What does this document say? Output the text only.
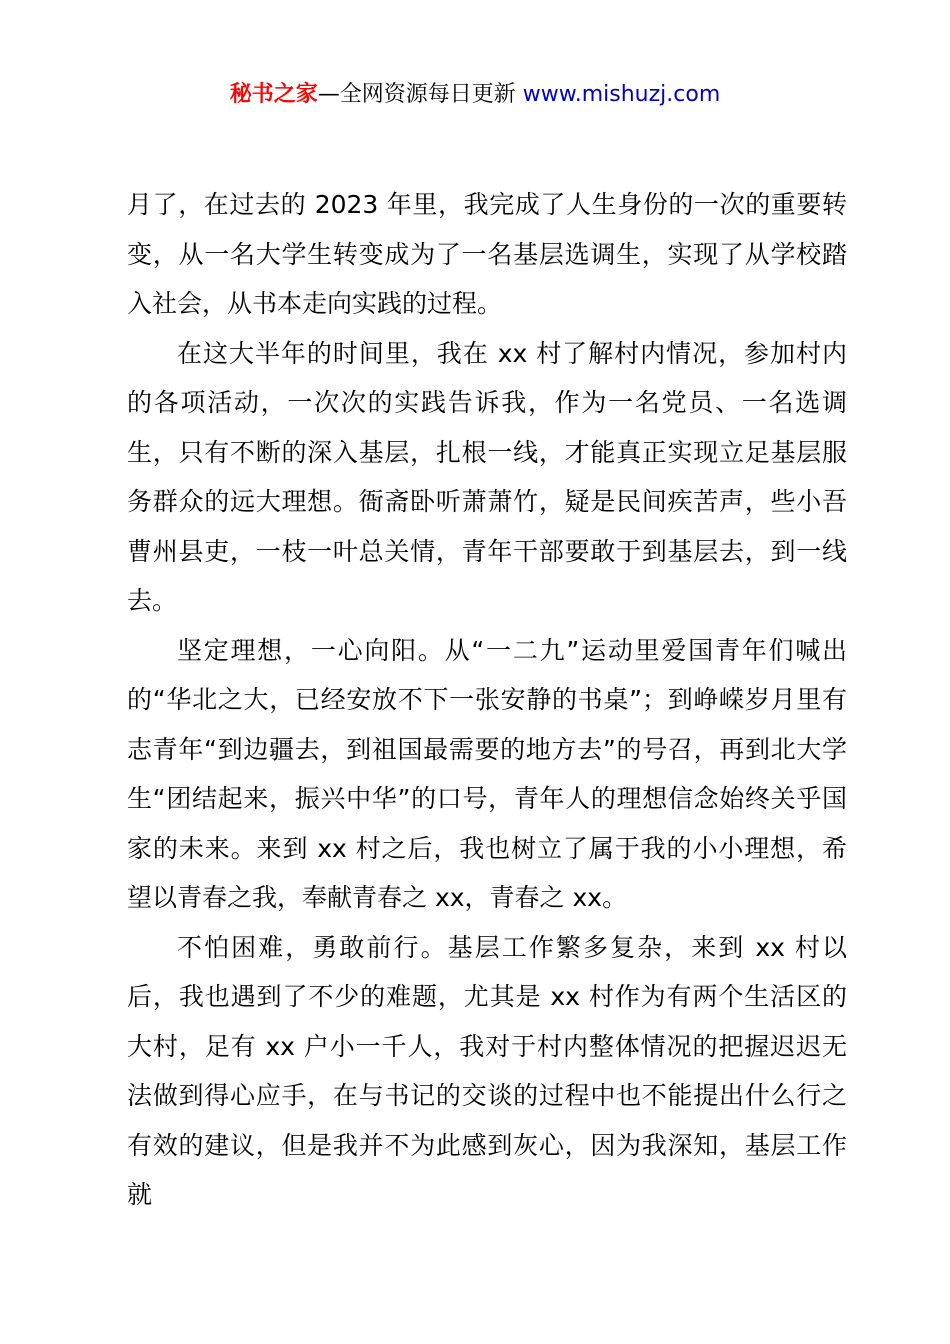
秘书之家—全网资源每日更新 www.mishuzj.com

月了，在过去的 2023 年里，我完成了人生身份的一次的重要转变，从一名大学生转变成为了一名基层选调生，实现了从学校踏入社会，从书本走向实践的过程。

在这大半年的时间里，我在 xx 村了解村内情况，参加村内的各项活动，一次次的实践告诉我，作为一名党员、一名选调生，只有不断的深入基层，扎根一线，才能真正实现立足基层服务群众的远大理想。衙斋卧听萧萧竹，疑是民间疾苦声，些小吾曹州县吏，一枝一叶总关情，青年干部要敢于到基层去，到一线去。

坚定理想，一心向阳。从“一二九”运动里爱国青年们喊出的“华北之大，已经安放不下一张安静的书桌”；到峥嵘岁月里有志青年“到边疆去，到祖国最需要的地方去”的号召，再到北大学生“团结起来，振兴中华”的口号，青年人的理想信念始终关乎国家的未来。来到 xx 村之后，我也树立了属于我的小小理想，希望以青春之我，奉献青春之 xx，青春之 xx。

不怕困难，勇敢前行。基层工作繁多复杂，来到 xx 村以后，我也遇到了不少的难题，尤其是 xx 村作为有两个生活区的大村，足有 xx 户小一千人，我对于村内整体情况的把握迟迟无法做到得心应手，在与书记的交谈的过程中也不能提出什么行之有效的建议，但是我并不为此感到灰心，因为我深知，基层工作就
